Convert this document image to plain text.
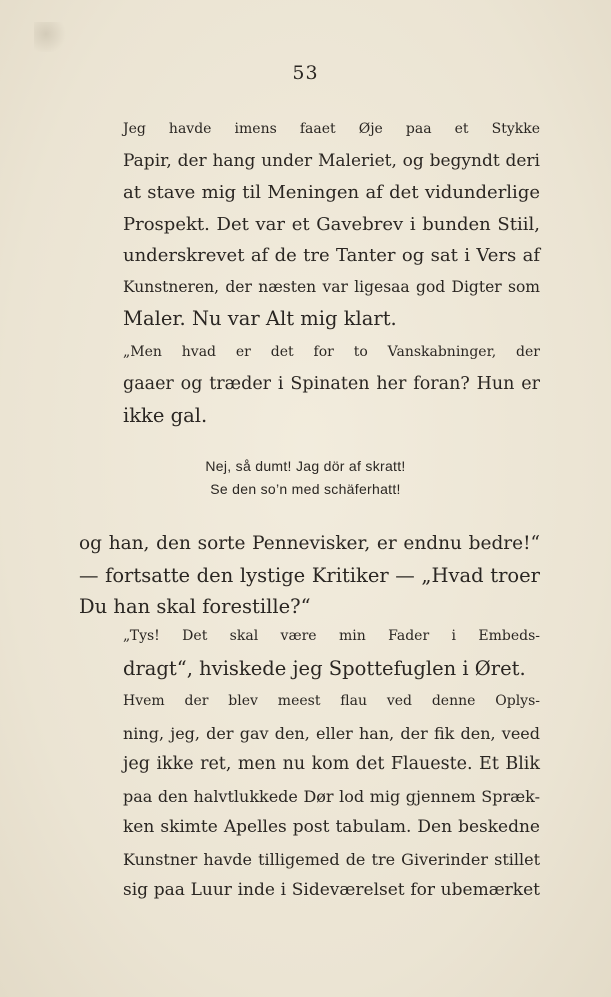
53
Jeg havde imens faaet Øje paa et Stykke
Papir, der hang under Maleriet, og begyndt deri
at stave mig til Meningen af det vidunderlige
Prospekt. Det var et Gavebrev i bunden Stiil,
underskrevet af de tre Tanter og sat i Vers af
Kunstneren, der næsten var ligesaa god Digter som
Maler. Nu var Alt mig klart.
„Men hvad er det for to Vanskabninger, der
gaaer og træder i Spinaten her foran? Hun er
ikke gal.
Nej, så dumt! Jag dör af skratt!
Se den so’n med schäferhatt!
og han, den sorte Pennevisker, er endnu bedre!“
— fortsatte den lystige Kritiker — „Hvad troer
Du han skal forestille?“
„Tys! Det skal være min Fader i Embeds-
dragt“, hviskede jeg Spottefuglen i Øret.
Hvem der blev meest flau ved denne Oplys-
ning, jeg, der gav den, eller han, der fik den, veed
jeg ikke ret, men nu kom det Flaueste. Et Blik
paa den halvtlukkede Dør lod mig gjennem Spræk-
ken skimte Apelles post tabulam. Den beskedne
Kunstner havde tilligemed de tre Giverinder stillet
sig paa Luur inde i Sideværelset for ubemærket
